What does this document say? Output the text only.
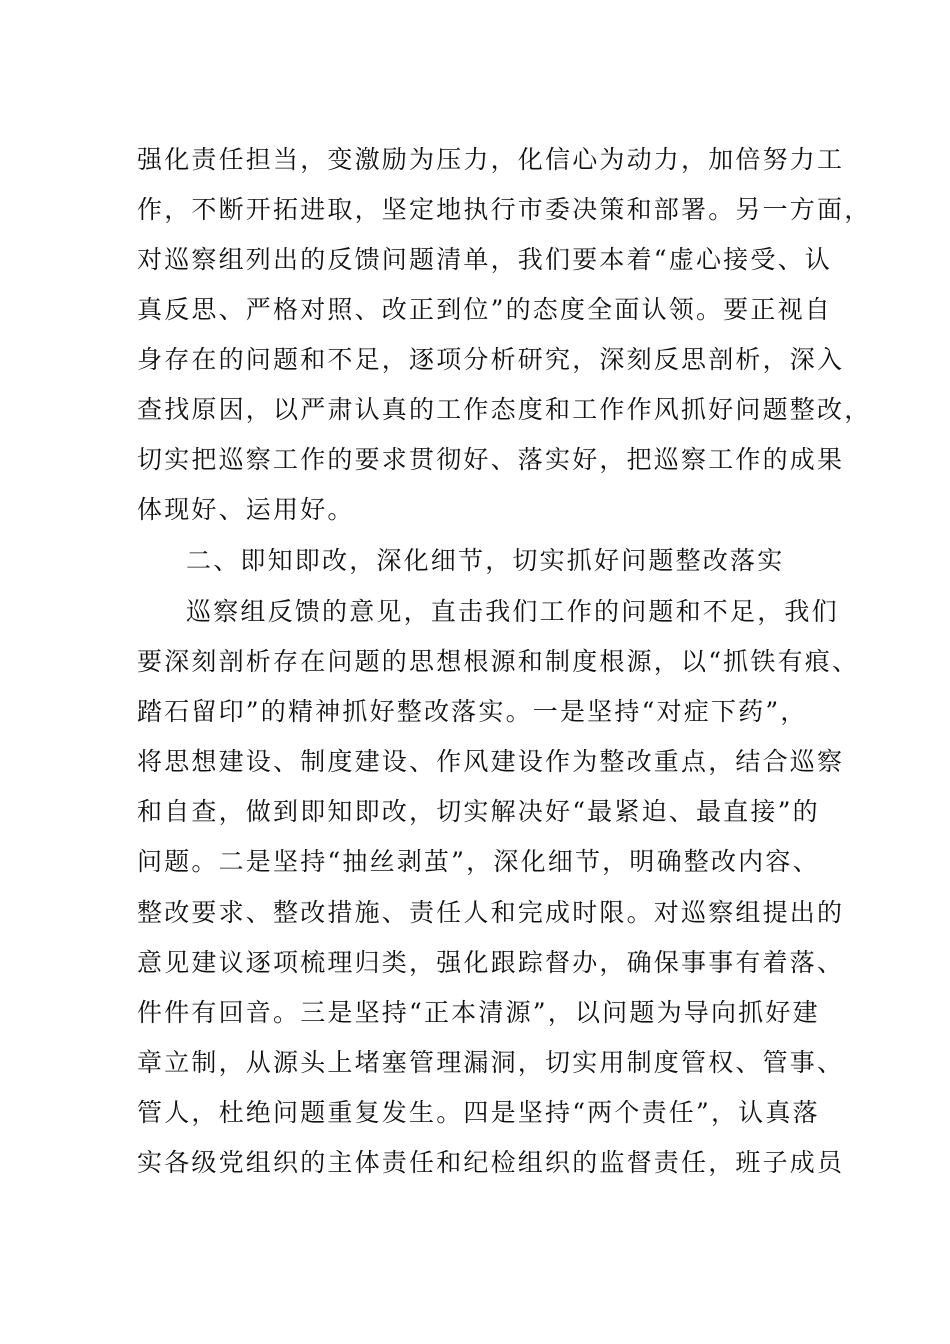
强化责任担当，变激励为压力，化信心为动力，加倍努力工

作，不断开拓进取，坚定地执行市委决策和部署。另一方面，

对巡察组列出的反馈问题清单，我们要本着“虚心接受、认

真反思、严格对照、改正到位”的态度全面认领。要正视自

身存在的问题和不足，逐项分析研究，深刻反思剖析，深入

查找原因，以严肃认真的工作态度和工作作风抓好问题整改，

切实把巡察工作的要求贯彻好、落实好，把巡察工作的成果

体现好、运用好。

二、即知即改，深化细节，切实抓好问题整改落实

巡察组反馈的意见，直击我们工作的问题和不足，我们

要深刻剖析存在问题的思想根源和制度根源，以“抓铁有痕、

踏石留印”的精神抓好整改落实。一是坚持“对症下药”，

将思想建设、制度建设、作风建设作为整改重点，结合巡察

和自查，做到即知即改，切实解决好“最紧迫、最直接”的

问题。二是坚持“抽丝剥茧”，深化细节，明确整改内容、

整改要求、整改措施、责任人和完成时限。对巡察组提出的

意见建议逐项梳理归类，强化跟踪督办，确保事事有着落、

件件有回音。三是坚持“正本清源”，以问题为导向抓好建

章立制，从源头上堵塞管理漏洞，切实用制度管权、管事、

管人，杜绝问题重复发生。四是坚持“两个责任”，认真落

实各级党组织的主体责任和纪检组织的监督责任，班子成员
